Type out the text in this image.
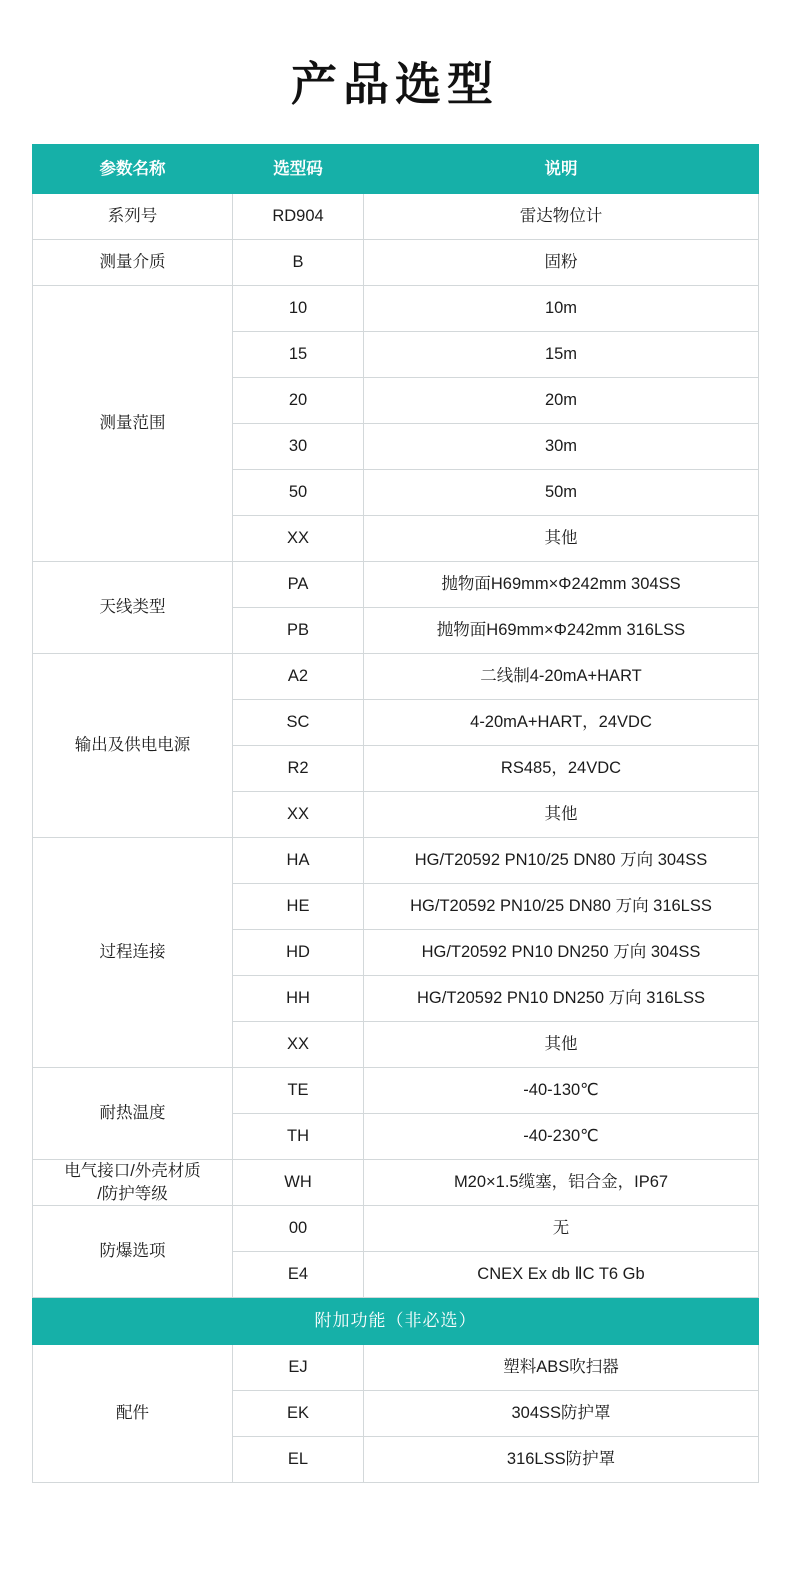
产品选型
参数名称	选型码	说明
系列号	RD904	雷达物位计
测量介质	B	固粉
测量范围	10	10m
	15	15m
	20	20m
	30	30m
	50	50m
	XX	其他
天线类型	PA	抛物面H69mm×Φ242mm 304SS
	PB	抛物面H69mm×Φ242mm 316LSS
输出及供电电源	A2	二线制4-20mA+HART
	SC	4-20mA+HART，24VDC
	R2	RS485，24VDC
	XX	其他
过程连接	HA	HG/T20592 PN10/25 DN80 万向 304SS
	HE	HG/T20592 PN10/25 DN80 万向 316LSS
	HD	HG/T20592 PN10 DN250 万向 304SS
	HH	HG/T20592 PN10 DN250 万向 316LSS
	XX	其他
耐热温度	TE	-40-130℃
	TH	-40-230℃
电气接口/外壳材质
/防护等级	WH	M20×1.5缆塞，铝合金，IP67
防爆选项	00	无
	E4	CNEX Ex db ⅡC T6 Gb
附加功能（非必选）		
配件	EJ	塑料ABS吹扫器
	EK	304SS防护罩
	EL	316LSS防护罩
